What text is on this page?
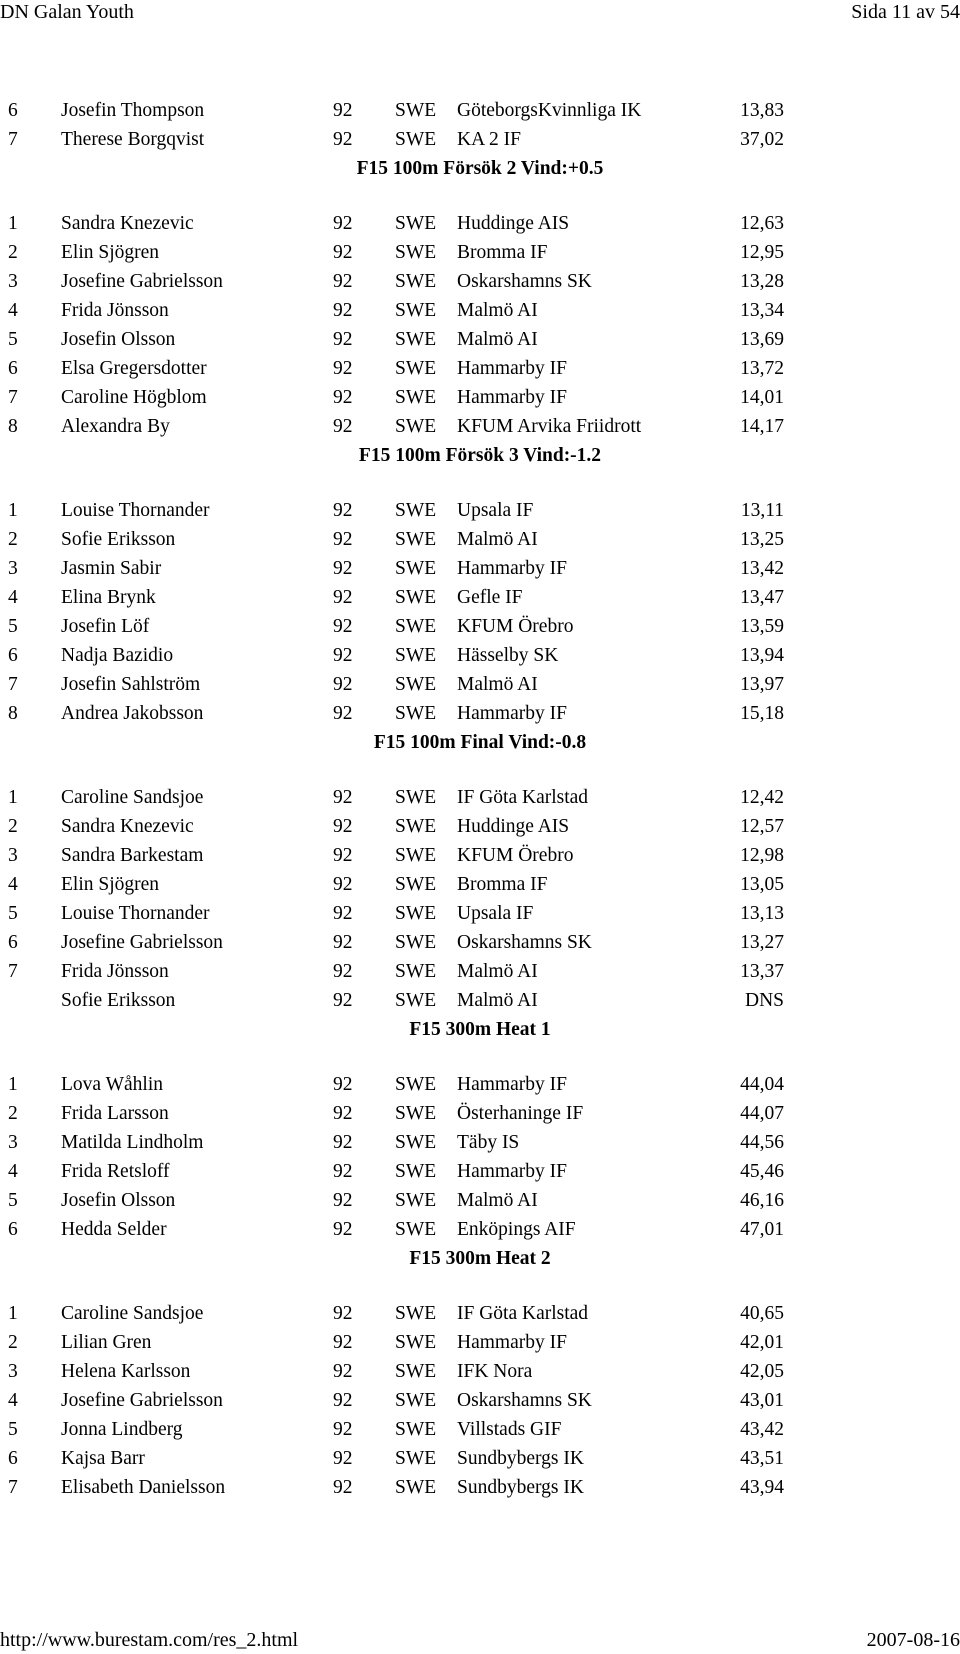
DN Galan Youth	Sida 11 av 54
6 Josefin Thompson	92 SWE GöteborgsKvinnliga IK	13,83
7 Therese Borgqvist	92 SWE KA 2 IF	37,02
F15 100m Försök 2 Vind:+0.5
1 Sandra Knezevic	92 SWE Huddinge AIS	12,63
2 Elin Sjögren	92 SWE Bromma IF	12,95
3 Josefine Gabrielsson	92 SWE Oskarshamns SK	13,28
4 Frida Jönsson	92 SWE Malmö AI	13,34
5 Josefin Olsson	92 SWE Malmö AI	13,69
6 Elsa Gregersdotter	92 SWE Hammarby IF	13,72
7 Caroline Högblom	92 SWE Hammarby IF	14,01
8 Alexandra By	92 SWE KFUM Arvika Friidrott	14,17
F15 100m Försök 3 Vind:-1.2
1 Louise Thornander	92 SWE Upsala IF	13,11
2 Sofie Eriksson	92 SWE Malmö AI	13,25
3 Jasmin Sabir	92 SWE Hammarby IF	13,42
4 Elina Brynk	92 SWE Gefle IF	13,47
5 Josefin Löf	92 SWE KFUM Örebro	13,59
6 Nadja Bazidio	92 SWE Hässelby SK	13,94
7 Josefin Sahlström	92 SWE Malmö AI	13,97
8 Andrea Jakobsson	92 SWE Hammarby IF	15,18
F15 100m Final Vind:-0.8
1 Caroline Sandsjoe	92 SWE IF Göta Karlstad	12,42
2 Sandra Knezevic	92 SWE Huddinge AIS	12,57
3 Sandra Barkestam	92 SWE KFUM Örebro	12,98
4 Elin Sjögren	92 SWE Bromma IF	13,05
5 Louise Thornander	92 SWE Upsala IF	13,13
6 Josefine Gabrielsson	92 SWE Oskarshamns SK	13,27
7 Frida Jönsson	92 SWE Malmö AI	13,37
Sofie Eriksson	92 SWE Malmö AI	DNS
F15 300m Heat 1
1 Lova Wåhlin	92 SWE Hammarby IF	44,04
2 Frida Larsson	92 SWE Österhaninge IF	44,07
3 Matilda Lindholm	92 SWE Täby IS	44,56
4 Frida Retsloff	92 SWE Hammarby IF	45,46
5 Josefin Olsson	92 SWE Malmö AI	46,16
6 Hedda Selder	92 SWE Enköpings AIF	47,01
F15 300m Heat 2
1 Caroline Sandsjoe	92 SWE IF Göta Karlstad	40,65
2 Lilian Gren	92 SWE Hammarby IF	42,01
3 Helena Karlsson	92 SWE IFK Nora	42,05
4 Josefine Gabrielsson	92 SWE Oskarshamns SK	43,01
5 Jonna Lindberg	92 SWE Villstads GIF	43,42
6 Kajsa Barr	92 SWE Sundbybergs IK	43,51
7 Elisabeth Danielsson	92 SWE Sundbybergs IK	43,94
http://www.burestam.com/res_2.html	2007-08-16
